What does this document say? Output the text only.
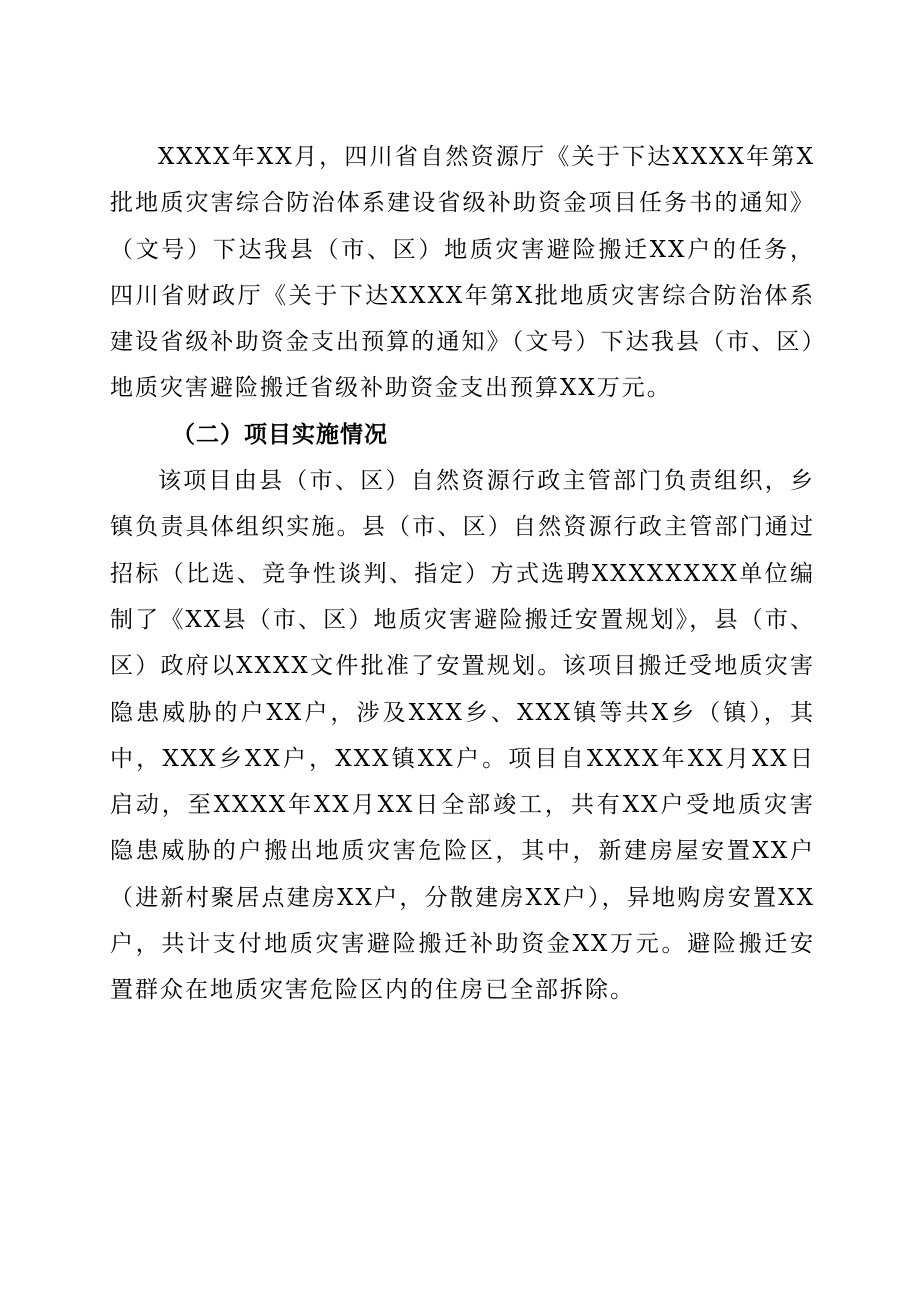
XXXX年XX月，四川省自然资源厅《关于下达XXXX年第X批地质灾害综合防治体系建设省级补助资金项目任务书的通知》（文号）下达我县（市、区）地质灾害避险搬迁XX户的任务，四川省财政厅《关于下达XXXX年第X批地质灾害综合防治体系建设省级补助资金支出预算的通知》（文号）下达我县（市、区）地质灾害避险搬迁省级补助资金支出预算XX万元。

（二）项目实施情况

该项目由县（市、区）自然资源行政主管部门负责组织，乡镇负责具体组织实施。县（市、区）自然资源行政主管部门通过招标（比选、竞争性谈判、指定）方式选聘XXXXXXXX单位编制了《XX县（市、区）地质灾害避险搬迁安置规划》，县（市、区）政府以XXXX文件批准了安置规划。该项目搬迁受地质灾害隐患威胁的户XX户，涉及XXX乡、XXX镇等共X乡（镇），其中，XXX乡XX户，XXX镇XX户。项目自XXXX年XX月XX日启动，至XXXX年XX月XX日全部竣工，共有XX户受地质灾害隐患威胁的户搬出地质灾害危险区，其中，新建房屋安置XX户（进新村聚居点建房XX户，分散建房XX户），异地购房安置XX户，共计支付地质灾害避险搬迁补助资金XX万元。避险搬迁安置群众在地质灾害危险区内的住房已全部拆除。
